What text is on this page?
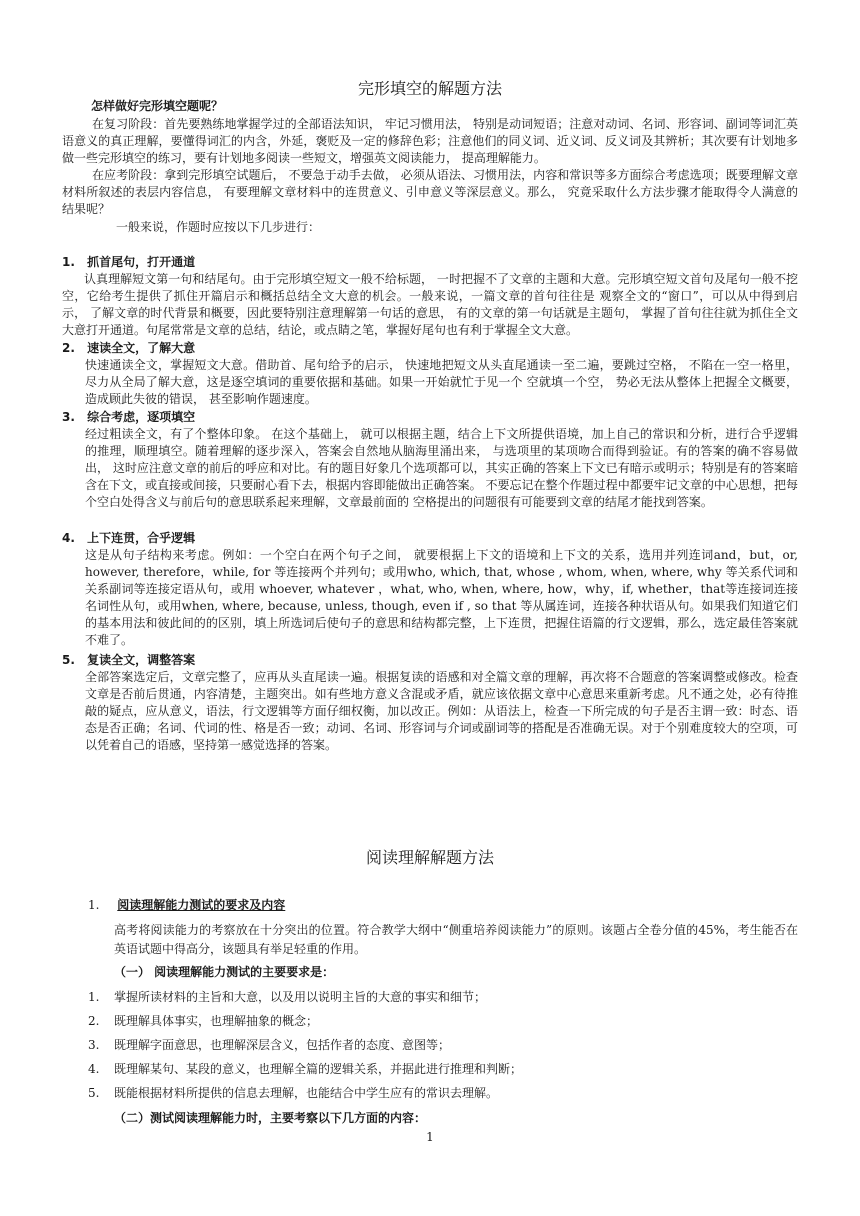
完形填空的解题方法
怎样做好完形填空题呢？
在复习阶段：首先要熟练地掌握学过的全部语法知识， 牢记习惯用法， 特别是动词短语；注意对动词、名词、形容词、副词等词汇英语意义的真正理解，要懂得词汇的内含，外延，褒贬及一定的修辞色彩；注意他们的同义词、近义词、反义词及其辨析；其次要有计划地多做一些完形填空的练习，要有计划地多阅读一些短文，增强英文阅读能力， 提高理解能力。
在应考阶段：拿到完形填空试题后， 不要急于动手去做， 必须从语法、习惯用法，内容和常识等多方面综合考虑选项；既要理解文章材料所叙述的表层内容信息， 有要理解文章材料中的连贯意义、引申意义等深层意义。那么， 究竟采取什么方法步骤才能取得令人满意的结果呢？
一般来说，作题时应按以下几步进行：
1. 抓首尾句，打开通道
认真理解短文第一句和结尾句。由于完形填空短文一般不给标题， 一时把握不了文章的主题和大意。完形填空短文首句及尾句一般不挖空，它给考生提供了抓住开篇启示和概括总结全文大意的机会。一般来说，一篇文章的首句往往是 观察全文的“窗口”，可以从中得到启示， 了解文章的时代背景和概要，因此要特别注意理解第一句话的意思， 有的文章的第一句话就是主题句， 掌握了首句往往就为抓住全文大意打开通道。句尾常常是文章的总结，结论，或点睛之笔，掌握好尾句也有利于掌握全文大意。
2. 速读全文，了解大意
快速通读全文，掌握短文大意。借助首、尾句给予的启示， 快速地把短文从头直尾通读一至二遍，要跳过空格， 不陷在一空一格里， 尽力从全局了解大意，这是逐空填词的重要依据和基础。如果一开始就忙于见一个 空就填一个空， 势必无法从整体上把握全文概要， 造成顾此失彼的错误， 甚至影响作题速度。
3. 综合考虑，逐项填空
经过粗读全文，有了个整体印象。 在这个基础上， 就可以根据主题，结合上下文所提供语境，加上自己的常识和分析，进行合乎逻辑的推理，顺理填空。随着理解的逐步深入，答案会自然地从脑海里涌出来， 与选项里的某项吻合而得到验证。有的答案的确不容易做出， 这时应注意文章的前后的呼应和对比。有的题目好象几个选项都可以，其实正确的答案上下文已有暗示或明示；特别是有的答案暗含在下文，或直接或间接，只要耐心看下去，根据内容即能做出正确答案。 不要忘记在整个作题过程中都要牢记文章的中心思想，把每个空白处得含义与前后句的意思联系起来理解，文章最前面的 空格提出的问题很有可能要到文章的结尾才能找到答案。
4. 上下连贯，合乎逻辑
这是从句子结构来考虑。例如：一个空白在两个句子之间， 就要根据上下文的语境和上下文的关系，选用并列连词and，but，or, however, therefore，while, for 等连接两个并列句；或用who, which, that, whose , whom, when, where, why 等关系代词和关系副词等连接定语从句，或用 whoever, whatever ，what, who, when, where, how，why，if, whether，that等连接词连接名词性从句，或用when, where, because, unless, though, even if , so that 等从属连词，连接各种状语从句。如果我们知道它们的基本用法和彼此间的的区别，填上所选词后使句子的意思和结构都完整，上下连贯，把握住语篇的行文逻辑，那么，选定最佳答案就不难了。
5. 复读全文，调整答案
全部答案选定后，文章完整了，应再从头直尾读一遍。根据复读的语感和对全篇文章的理解，再次将不合题意的答案调整或修改。检查文章是否前后贯通，内容清楚，主题突出。如有些地方意义含混或矛盾，就应该依据文章中心意思来重新考虑。凡不通之处，必有待推敲的疑点，应从意义，语法，行文逻辑等方面仔细权衡，加以改正。例如：从语法上，检查一下所完成的句子是否主谓一致：时态、语态是否正确；名词、代词的性、格是否一致；动词、名词、形容词与介词或副词等的搭配是否准确无误。对于个别难度较大的空项，可以凭着自己的语感，坚持第一感觉选择的答案。
阅读理解解题方法
1. 阅读理解能力测试的要求及内容
高考将阅读能力的考察放在十分突出的位置。符合教学大纲中“侧重培养阅读能力”的原则。该题占全卷分值的45%，考生能否在英语试题中得高分，该题具有举足轻重的作用。
（一） 阅读理解能力测试的主要要求是：
1. 掌握所读材料的主旨和大意，以及用以说明主旨的大意的事实和细节；
2. 既理解具体事实，也理解抽象的概念；
3. 既理解字面意思，也理解深层含义，包括作者的态度、意图等；
4. 既理解某句、某段的意义，也理解全篇的逻辑关系，并据此进行推理和判断；
5. 既能根据材料所提供的信息去理解，也能结合中学生应有的常识去理解。
（二）测试阅读理解能力时，主要考察以下几方面的内容：
1
